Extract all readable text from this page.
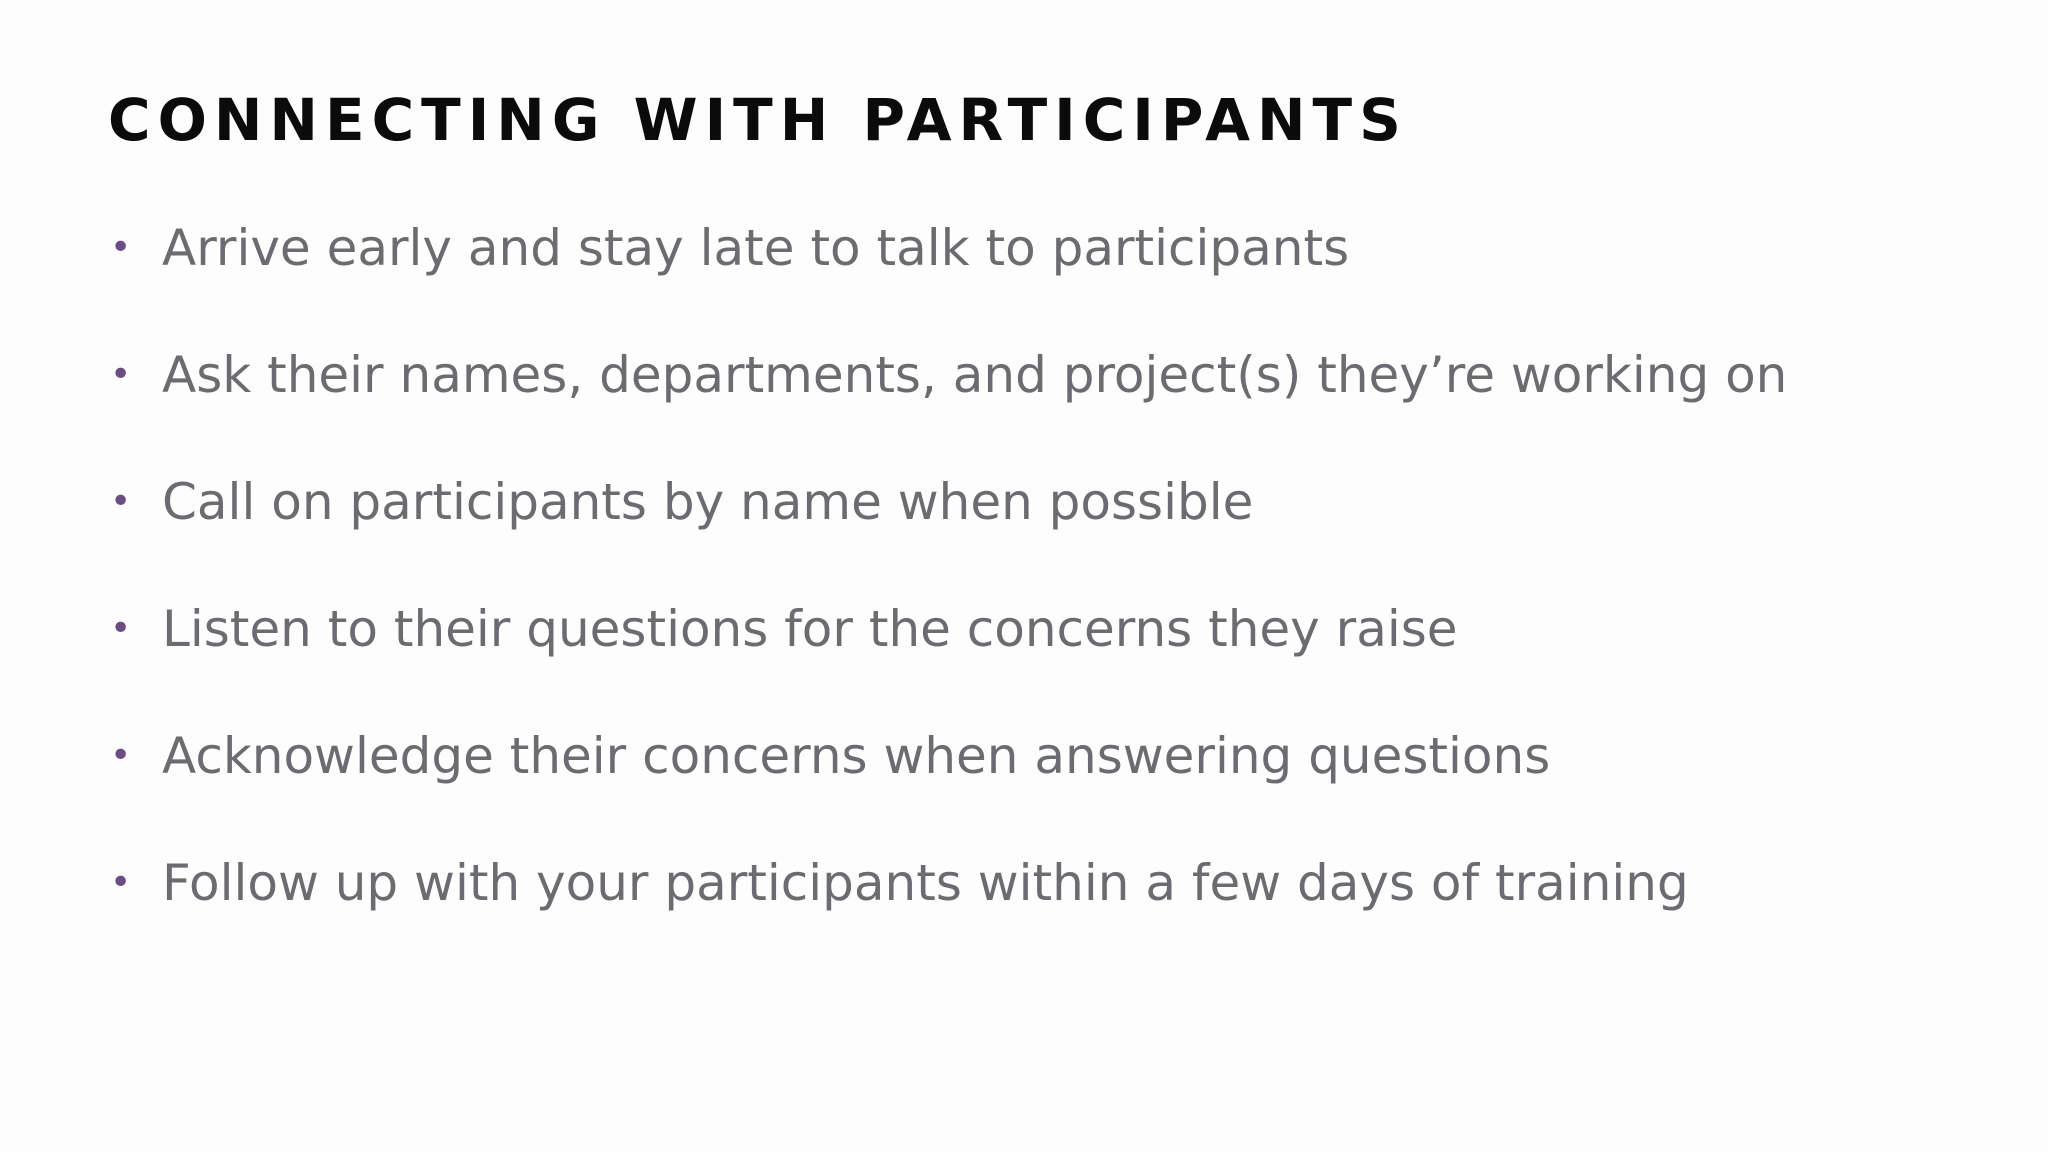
CONNECTING WITH PARTICIPANTS
• Arrive early and stay late to talk to participants
• Ask their names, departments, and project(s) they’re working on
• Call on participants by name when possible
• Listen to their questions for the concerns they raise
• Acknowledge their concerns when answering questions
• Follow up with your participants within a few days of training
